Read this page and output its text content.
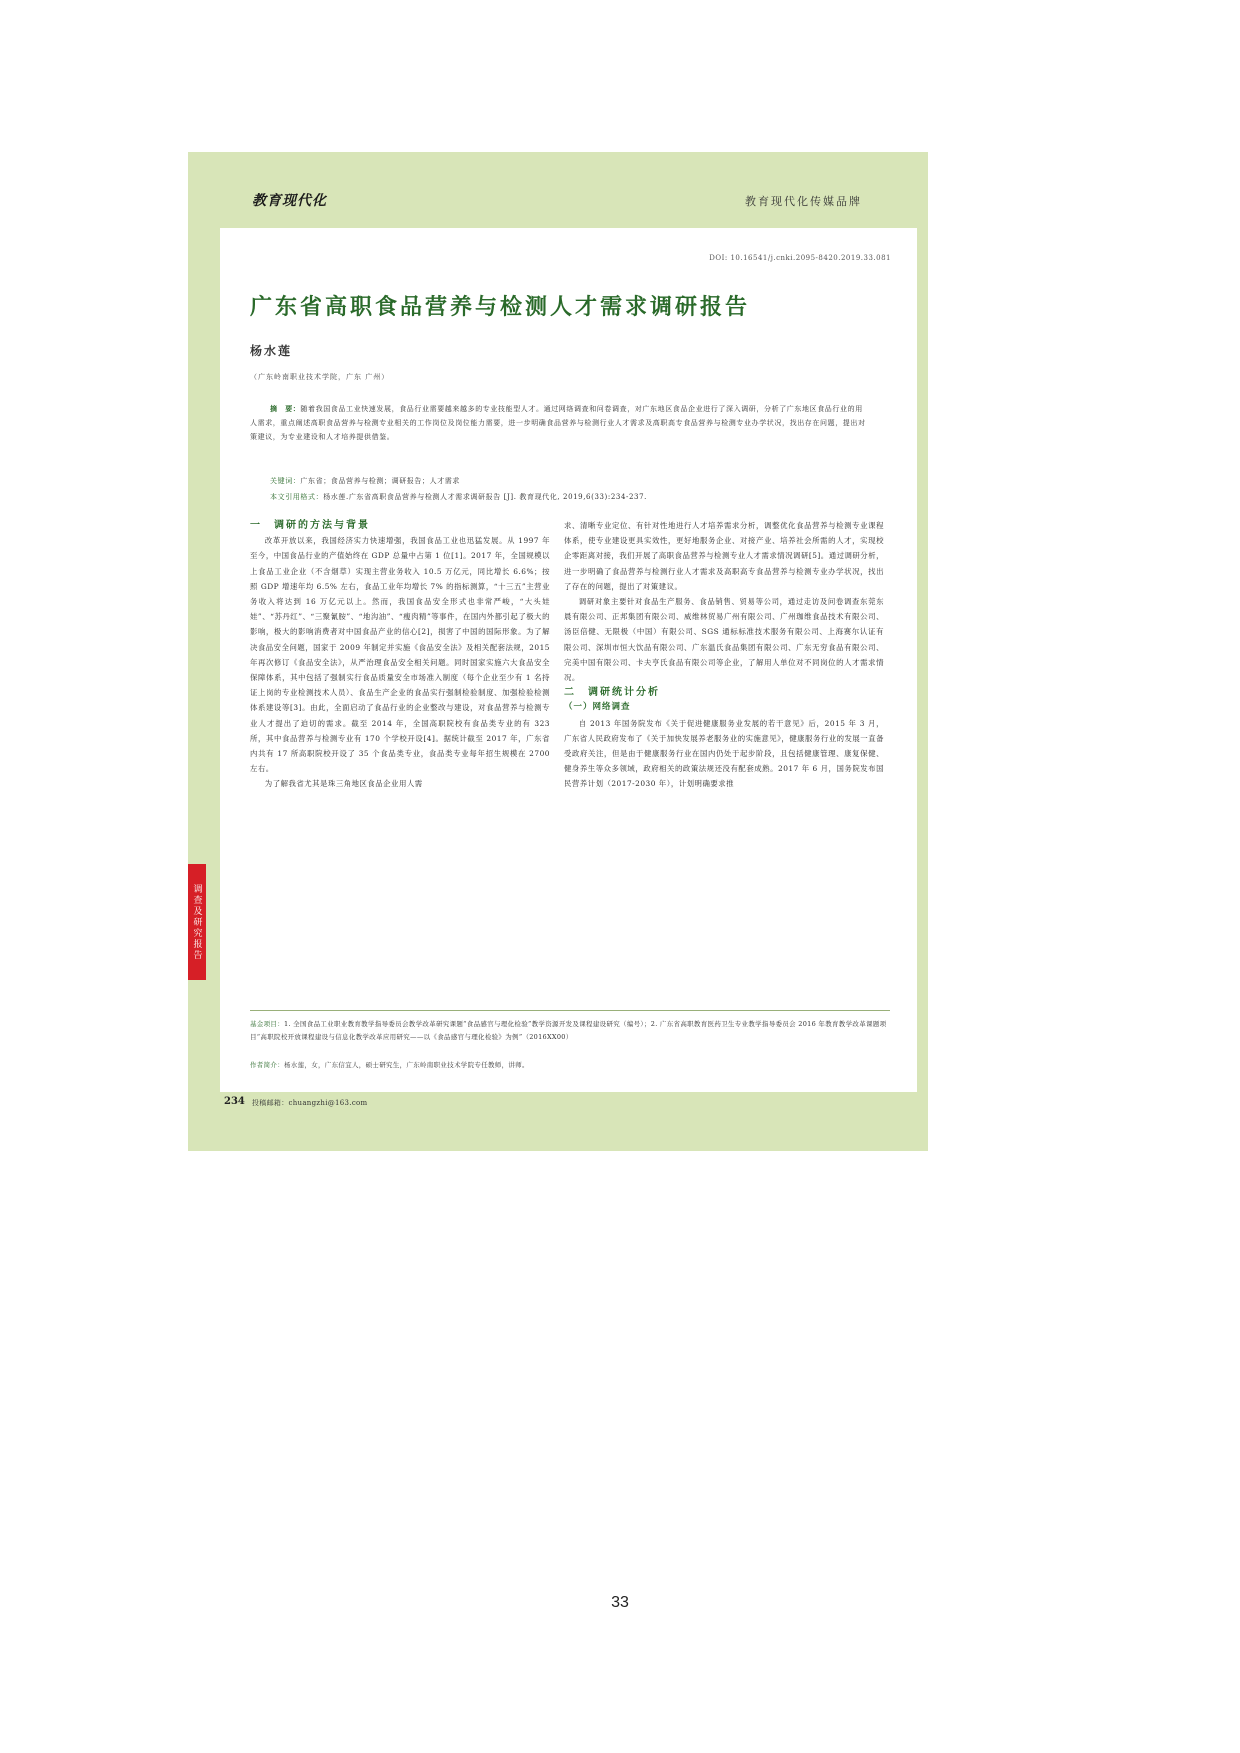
教育现代化	教育现代化传媒品牌
DOI: 10.16541/j.cnki.2095-8420.2019.33.081
广东省高职食品营养与检测人才需求调研报告
杨水莲
（广东岭南职业技术学院，广东 广州）
摘　要：随着我国食品工业快速发展，食品行业需要越来越多的专业技能型人才。通过网络调查和问卷调查，对广东地区食品企业进行了深入调研，分析了广东地区食品行业的用人需求，重点阐述高职食品营养与检测专业相关的工作岗位及岗位能力需要，进一步明确食品营养与检测行业人才需求及高职高专食品营养与检测专业办学状况，找出存在问题，提出对策建议，为专业建设和人才培养提供借鉴。
关键词：广东省；食品营养与检测；调研报告；人才需求
本文引用格式：杨水莲.广东省高职食品营养与检测人才需求调研报告 [J]. 教育现代化, 2019,6(33):234-237.

一　调研的方法与背景

改革开放以来，我国经济实力快速增强，我国食品工业也迅猛发展。从 1997 年至今，中国食品行业的产值始终在 GDP 总量中占第 1 位[1]。2017 年，全国规模以上食品工业企业（不含烟草）实现主营业务收入 10.5 万亿元，同比增长 6.6%；按照 GDP 增速年均 6.5% 左右，食品工业年均增长 7% 的指标测算，“十三五”主营业务收入将达到 16 万亿元以上。然而，我国食品安全形式也非常严峻，“大头娃娃”、“苏丹红”、“三聚氰胺”、“地沟油”、“瘦肉精”等事件，在国内外都引起了极大的影响，极大的影响消费者对中国食品产业的信心[2]，损害了中国的国际形象。为了解决食品安全问题，国家于 2009 年制定并实施《食品安全法》及相关配套法规，2015 年再次修订《食品安全法》，从严治理食品安全相关问题。同时国家实施六大食品安全保障体系，其中包括了强制实行食品质量安全市场准入制度（每个企业至少有 1 名持证上岗的专业检测技术人员）、食品生产企业的食品实行强制检验制度、加强检验检测体系建设等[3]。由此，全面启动了食品行业的企业整改与建设，对食品营养与检测专业人才提出了迫切的需求。截至 2014 年，全国高职院校有食品类专业的有 323 所，其中食品营养与检测专业有 170 个学校开设[4]。据统计截至 2017 年，广东省内共有 17 所高职院校开设了 35 个食品类专业，食品类专业每年招生规模在 2700 左右。

为了解我省尤其是珠三角地区食品企业用人需

求、清晰专业定位、有针对性地进行人才培养需求分析，调整优化食品营养与检测专业课程体系，使专业建设更具实效性，更好地服务企业、对接产业、培养社会所需的人才，实现校企零距离对接，我们开展了高职食品营养与检测专业人才需求情况调研[5]。通过调研分析，进一步明确了食品营养与检测行业人才需求及高职高专食品营养与检测专业办学状况，找出了存在的问题，提出了对策建议。

调研对象主要针对食品生产服务、食品销售、贸易等公司，通过走访及问卷调查东莞东晨有限公司、正邦集团有限公司、威维林贸易广州有限公司、广州珈维食品技术有限公司、汤臣倍健、无限极（中国）有限公司、SGS 通标标准技术服务有限公司、上海赛尔认证有限公司、深圳市恒大饮品有限公司、广东温氏食品集团有限公司、广东无穷食品有限公司、完美中国有限公司、卡夫亨氏食品有限公司等企业，了解用人单位对不同岗位的人才需求情况。

二　调研统计分析

（一）网络调查

自 2013 年国务院发布《关于促进健康服务业发展的若干意见》后，2015 年 3 月，广东省人民政府发布了《关于加快发展养老服务业的实施意见》，健康服务行业的发展一直备受政府关注，但是由于健康服务行业在国内仍处于起步阶段，且包括健康管理、康复保健、健身养生等众多领域，政府相关的政策法规还没有配套成熟。2017 年 6 月，国务院发布国民营养计划（2017-2030 年），计划明确要求推

基金项目：1. 全国食品工业职业教育教学指导委员会教学改革研究课题“食品感官与理化检验”教学资源开发及课程建设研究（编号）；2. 广东省高职教育医药卫生专业教学指导委员会 2016 年教育教学改革课题项目“高职院校开放课程建设与信息化教学改革应用研究——以《食品感官与理化检验》为例”（2016XX00）
作者简介：杨水莲，女，广东信宜人，硕士研究生，广东岭南职业技术学院专任教师，讲师。
调查及研究报告
234 投稿邮箱：chuangzhi@163.com
33
